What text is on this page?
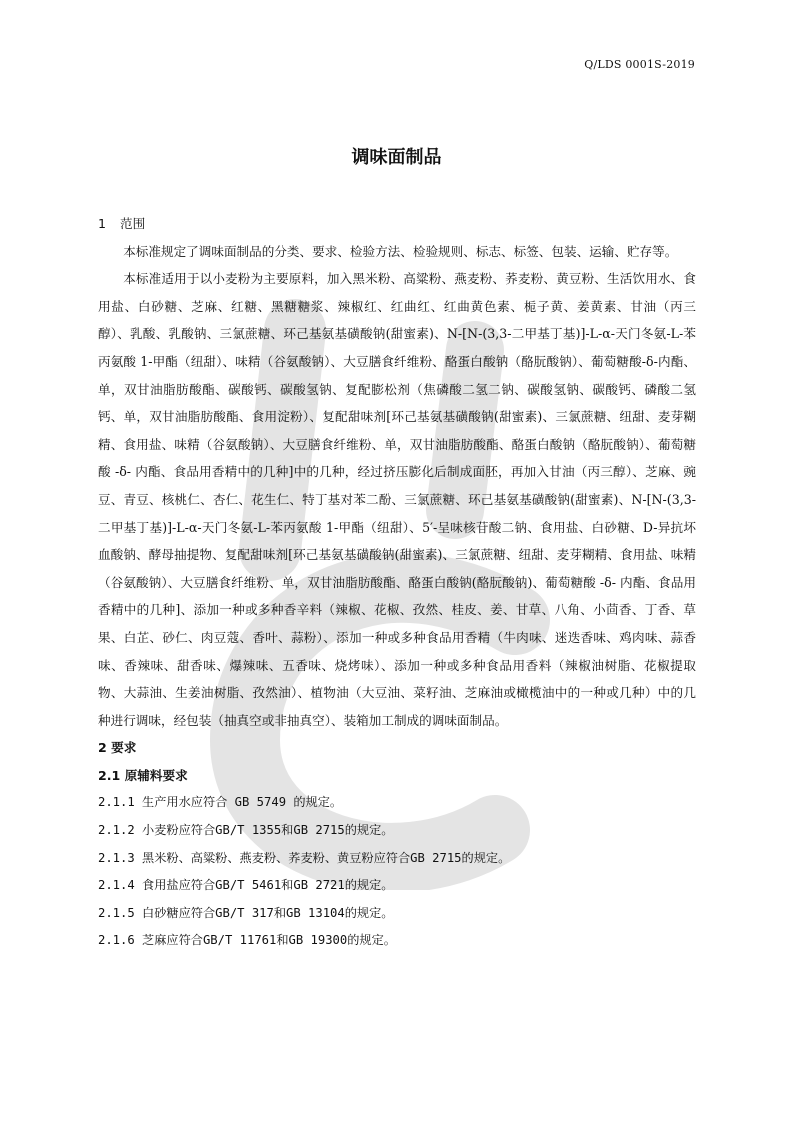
Q/LDS 0001S-2019
调味面制品

1 范围

本标准规定了调味面制品的分类、要求、检验方法、检验规则、标志、标签、包装、运输、贮存等。

本标准适用于以小麦粉为主要原料，加入黑米粉、高粱粉、燕麦粉、荞麦粉、黄豆粉、生活饮用水、食用盐、白砂糖、芝麻、红糖、黑糖糖浆、辣椒红、红曲红、红曲黄色素、栀子黄、姜黄素、甘油（丙三醇）、乳酸、乳酸钠、三氯蔗糖、环己基氨基磺酸钠(甜蜜素)、N-[N-(3,3-二甲基丁基)]-L-α-天门冬氨-L-苯丙氨酸 1-甲酯（纽甜）、味精（谷氨酸钠）、大豆膳食纤维粉、酪蛋白酸钠（酪朊酸钠）、葡萄糖酸-δ-内酯、单，双甘油脂肪酸酯、碳酸钙、碳酸氢钠、复配膨松剂（焦磷酸二氢二钠、碳酸氢钠、碳酸钙、磷酸二氢钙、单，双甘油脂肪酸酯、食用淀粉）、复配甜味剂[环己基氨基磺酸钠(甜蜜素)、三氯蔗糖、纽甜、麦芽糊精、食用盐、味精（谷氨酸钠）、大豆膳食纤维粉、单，双甘油脂肪酸酯、酪蛋白酸钠（酪朊酸钠）、葡萄糖酸 -δ- 内酯、食品用香精中的几种]中的几种，经过挤压膨化后制成面胚，再加入甘油（丙三醇）、芝麻、豌豆、青豆、核桃仁、杏仁、花生仁、特丁基对苯二酚、三氯蔗糖、环己基氨基磺酸钠(甜蜜素)、N-[N-(3,3-二甲基丁基)]-L-α-天门冬氨-L-苯丙氨酸 1-甲酯（纽甜）、5′-呈味核苷酸二钠、食用盐、白砂糖、D-异抗坏血酸钠、酵母抽提物、复配甜味剂[环己基氨基磺酸钠(甜蜜素)、三氯蔗糖、纽甜、麦芽糊精、食用盐、味精（谷氨酸钠）、大豆膳食纤维粉、单，双甘油脂肪酸酯、酪蛋白酸钠(酪朊酸钠)、葡萄糖酸 -δ- 内酯、食品用香精中的几种]、添加一种或多种香辛料（辣椒、花椒、孜然、桂皮、姜、甘草、八角、小茴香、丁香、草果、白芷、砂仁、肉豆蔻、香叶、蒜粉）、添加一种或多种食品用香精（牛肉味、迷迭香味、鸡肉味、蒜香味、香辣味、甜香味、爆辣味、五香味、烧烤味）、添加一种或多种食品用香料（辣椒油树脂、花椒提取物、大蒜油、生姜油树脂、孜然油）、植物油（大豆油、菜籽油、芝麻油或橄榄油中的一种或几种）中的几种进行调味，经包装（抽真空或非抽真空）、装箱加工制成的调味面制品。

2 要求

2.1 原辅料要求

2.1.1 生产用水应符合 GB 5749 的规定。

2.1.2 小麦粉应符合GB/T 1355和GB 2715的规定。

2.1.3 黑米粉、高粱粉、燕麦粉、荞麦粉、黄豆粉应符合GB 2715的规定。

2.1.4 食用盐应符合GB/T 5461和GB 2721的规定。

2.1.5 白砂糖应符合GB/T 317和GB 13104的规定。

2.1.6 芝麻应符合GB/T 11761和GB 19300的规定。
